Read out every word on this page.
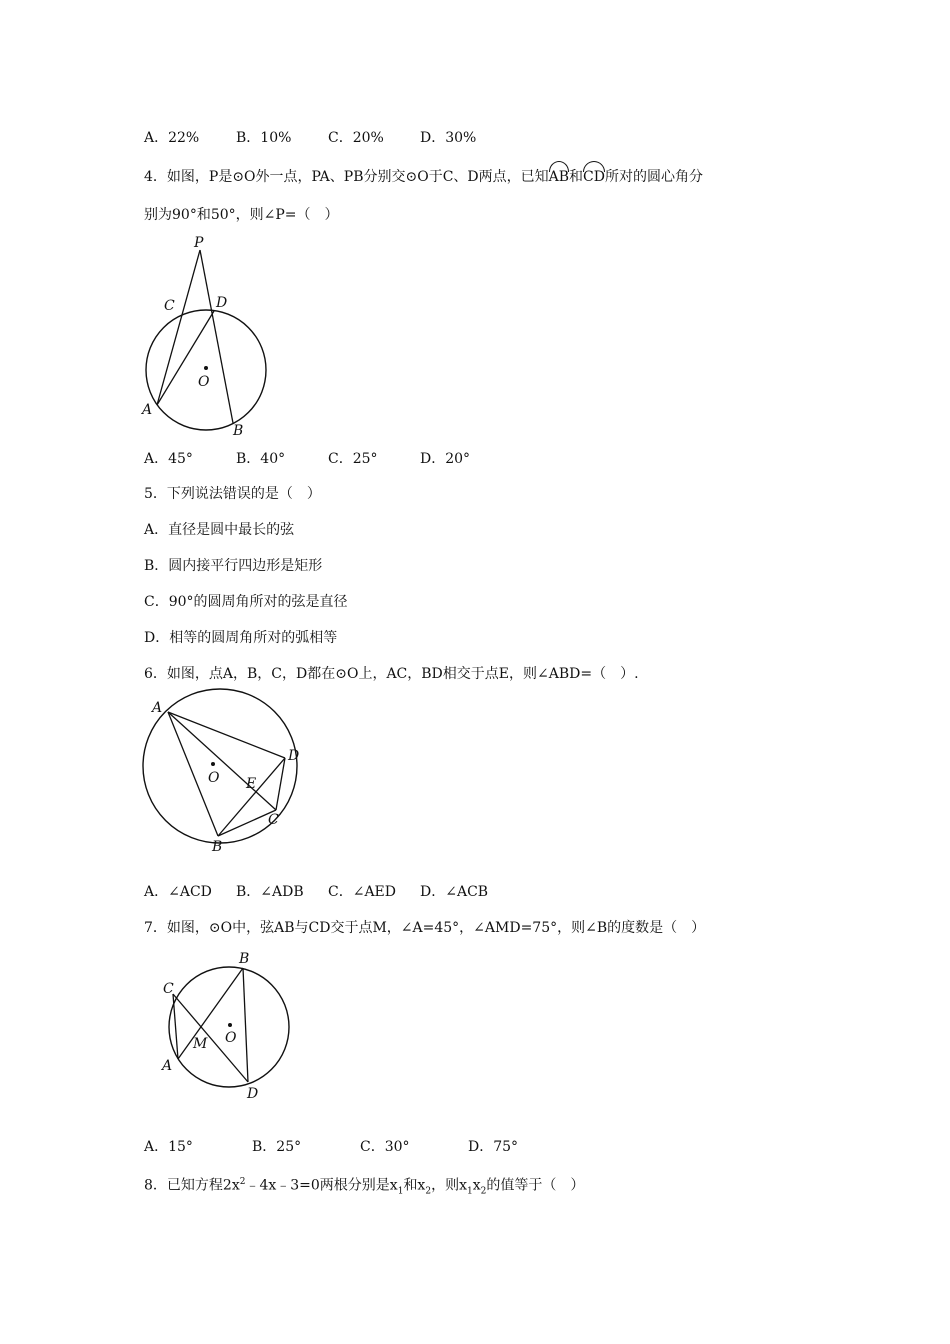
A．22%	B．10%	C．20%	D．30%
4．如图，P是⊙O外一点，PA、PB分别交⊙O于C、D两点，已知AB和CD所对的圆心角分
别为90°和50°，则∠P=（　）
P
C	D
O
A
B
A．45°	B．40°	C．25°	D．20°
5．下列说法错误的是（　）
A．直径是圆中最长的弦
B．圆内接平行四边形是矩形
C．90°的圆周角所对的弦是直径
D．相等的圆周角所对的弧相等
6．如图，点A，B，C，D都在⊙O上，AC，BD相交于点E，则∠ABD=（　）.
A
D
O E
C
B
A．∠ACD B．∠ADB C．∠AED D．∠ACB
7．如图，⊙O中，弦AB与CD交于点M，∠A=45°，∠AMD=75°，则∠B的度数是（　）
B
C
O
M
A
D
A．15°	B．25°	C．30°	D．75°
8．已知方程$2x^2﹣4x﹣3=0$两根分别是$x_1$和$x_2$，则$x_1x_2$的值等于（　）
